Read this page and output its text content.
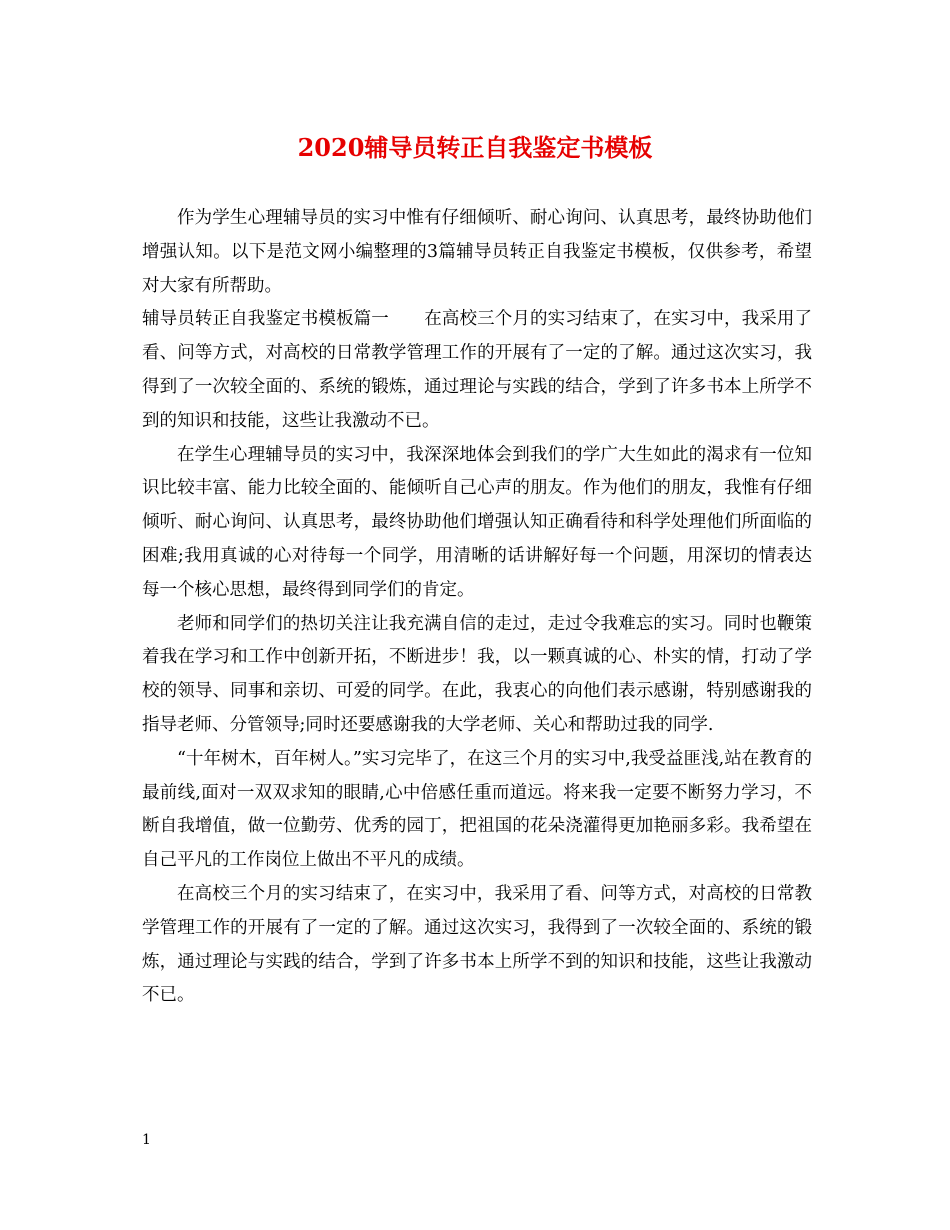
2020辅导员转正自我鉴定书模板

作为学生心理辅导员的实习中惟有仔细倾听、耐心询问、认真思考，最终协助他们增强认知。以下是范文网小编整理的3篇辅导员转正自我鉴定书模板，仅供参考，希望对大家有所帮助。

辅导员转正自我鉴定书模板篇一　　 在高校三个月的实习结束了，在实习中，我采用了看、问等方式，对高校的日常教学管理工作的开展有了一定的了解。通过这次实习，我得到了一次较全面的、系统的锻炼，通过理论与实践的结合，学到了许多书本上所学不到的知识和技能，这些让我激动不已。

在学生心理辅导员的实习中，我深深地体会到我们的学广大生如此的渴求有一位知识比较丰富、能力比较全面的、能倾听自己心声的朋友。作为他们的朋友，我惟有仔细倾听、耐心询问、认真思考，最终协助他们增强认知正确看待和科学处理他们所面临的困难;我用真诚的心对待每一个同学，用清晰的话讲解好每一个问题，用深切的情表达每一个核心思想，最终得到同学们的肯定。

老师和同学们的热切关注让我充满自信的走过，走过令我难忘的实习。同时也鞭策着我在学习和工作中创新开拓，不断进步！我，以一颗真诚的心、朴实的情，打动了学校的领导、同事和亲切、可爱的同学。在此，我衷心的向他们表示感谢，特别感谢我的指导老师、分管领导;同时还要感谢我的大学老师、关心和帮助过我的同学.

“十年树木，百年树人。”实习完毕了，在这三个月的实习中,我受益匪浅,站在教育的最前线,面对一双双求知的眼睛,心中倍感任重而道远。将来我一定要不断努力学习，不断自我增值，做一位勤劳、优秀的园丁，把祖国的花朵浇灌得更加艳丽多彩。我希望在自己平凡的工作岗位上做出不平凡的成绩。

在高校三个月的实习结束了，在实习中，我采用了看、问等方式，对高校的日常教学管理工作的开展有了一定的了解。通过这次实习，我得到了一次较全面的、系统的锻炼，通过理论与实践的结合，学到了许多书本上所学不到的知识和技能，这些让我激动不已。

1
